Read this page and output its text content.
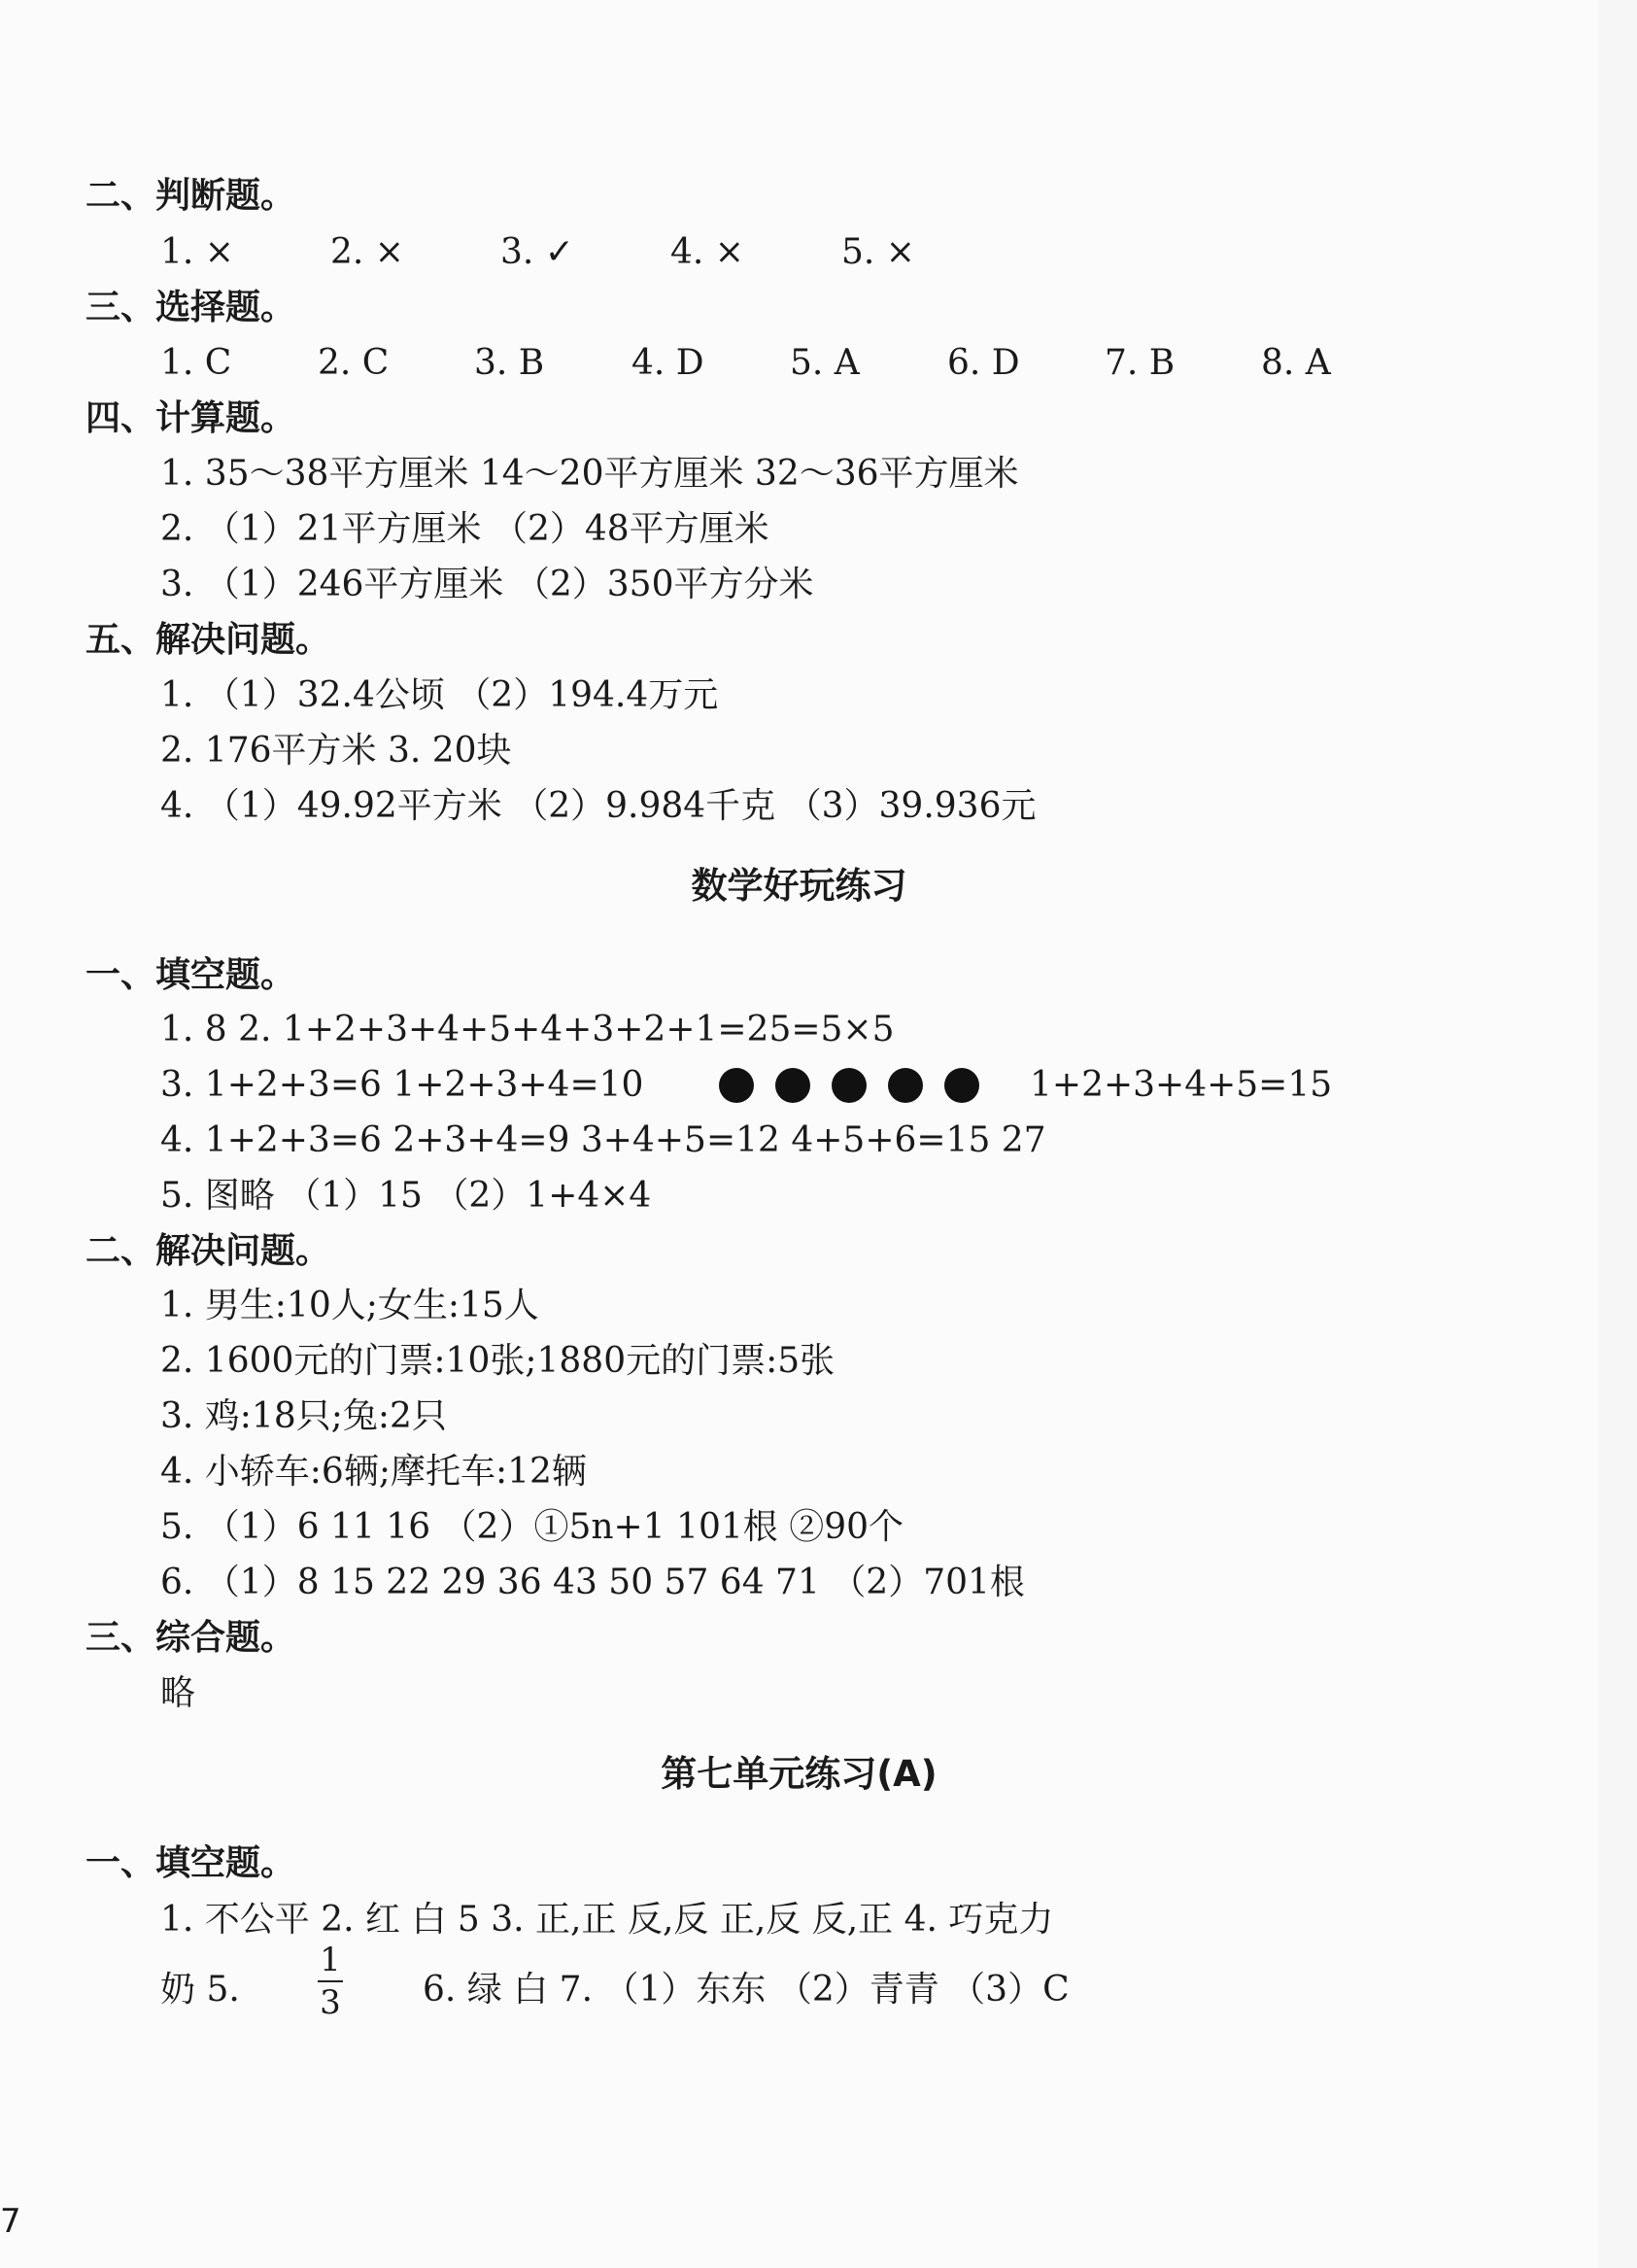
二、判断题。
1. ×	2. ×	3. ✓	4. ×	5. ×
三、选择题。
1. C 2. C 3. B 4. D 5. A	6. D 7. B 8. A
四、计算题。
1. 35～38平方厘米 14～20平方厘米 32～36平方厘米
2. （1）21平方厘米 （2）48平方厘米
3. （1）246平方厘米 （2）350平方分米
五、解决问题。
1. （1）32.4公顷 （2）194.4万元
2. 176平方米 3. 20块
4. （1）49.92平方米 （2）9.984千克 （3）39.936元
数学好玩练习
一、填空题。
1. 8 2. 1+2+3+4+5+4+3+2+1=25=5×5
3. 1+2+3=6 1+2+3+4=10	1+2+3+4+5=15
4. 1+2+3=6 2+3+4=9 3+4+5=12 4+5+6=15 27
5. 图略 （1）15 （2）1+4×4
二、解决问题。
1. 男生:10人;女生:15人
2. 1600元的门票:10张;1880元的门票:5张
3. 鸡:18只;兔:2只
4. 小轿车:6辆;摩托车:12辆
5. （1）6 11 16 （2）①5n+1 101根 ②90个
6. （1）8 15 22 29 36 43 50 57 64 71 （2）701根
三、综合题。
略
第七单元练习(A)
一、填空题。
1. 不公平 2. 红 白 5 3. 正,正 反,反 正,反 反,正 4. 巧克力
奶 5.
1
3 6. 绿 白 7. （1）东东 （2）青青 （3）C
7
